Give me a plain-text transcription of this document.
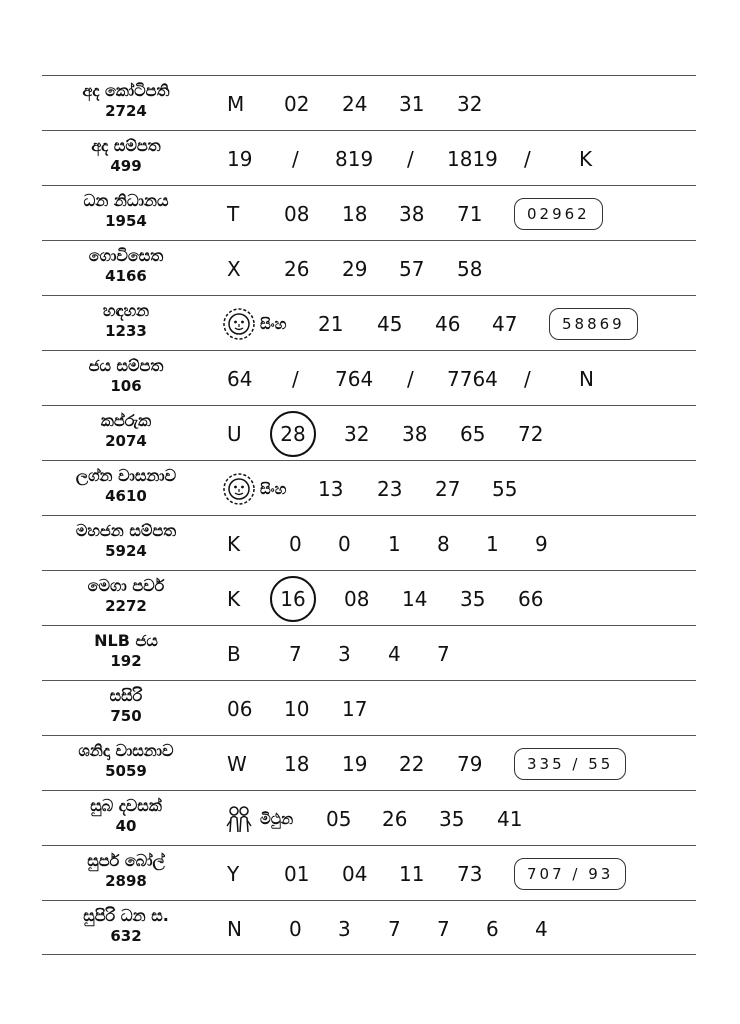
අද කෝටිපති
2724	M 02 24 31 32
අද සම්පත
499	19 / 819 / 1819 / K
ධන නිධානය
1954	T 08 18 38 71	02962
ගොවිසෙත
4166	X 26 29 57 58
හඳහන
1233	සිංහ 21 45 46 47	58869
ජය සම්පත
106	64 / 764 / 7764 / N
කප්රුක
2074	U	28	32 38 65 72
ලග්න වාසනාව
4610	සිංහ 13 23 27 55
මහජන සම්පත
5924	K 0 0 1 8 1 9
මෙගා පවර්
2272	K	16	08 14 35 66
NLB ජය
192	B 7 3 4 7
සසිරි
750	06 10 17
ශනිදා වාසනාව
5059	W 18 19 22 79	335 / 55
සුබ දවසක්
40	මිථුන 05 26 35 41
සුපර් බෝල්
2898	Y 01 04 11 73	707 / 93
සුපිරි ධන ස.
632	N 0 3 7 7 6 4
